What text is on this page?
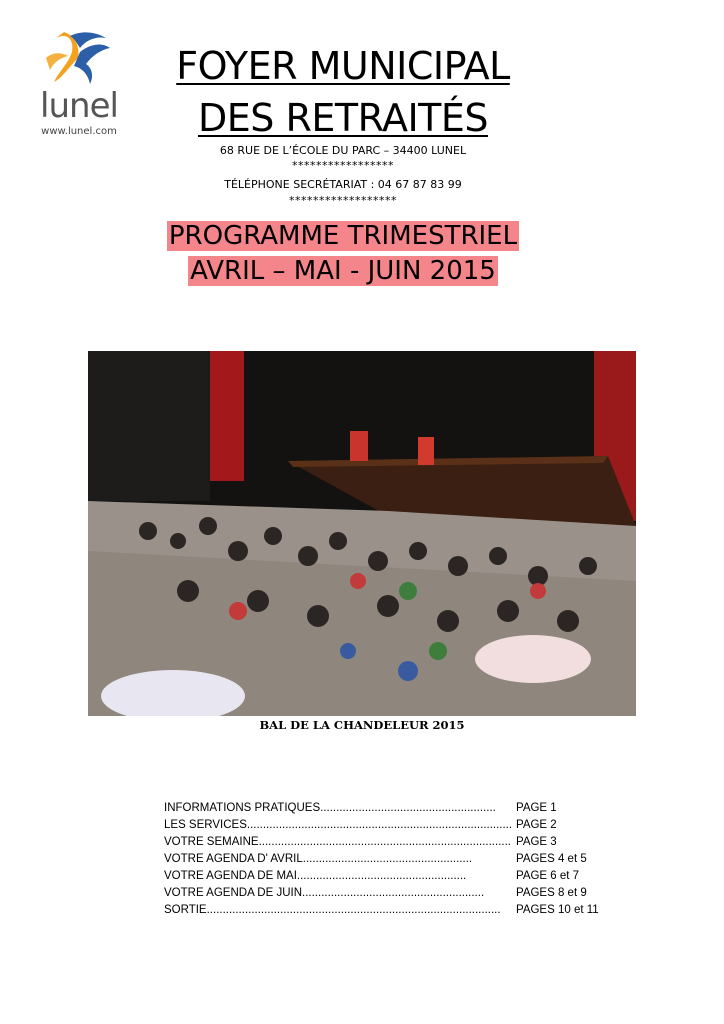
lunel
www.lunel.com
FOYER MUNICIPAL
DES RETRAITÉS
68 RUE DE L’ÉCOLE DU PARC – 34400 LUNEL
*****************
TÉLÉPHONE SECRÉTARIAT : 04 67 87 83 99
******************
PROGRAMME TRIMESTRIEL
AVRIL – MAI - JUIN 2015
BAL DE LA CHANDELEUR 2015
INFORMATIONS PRATIQUES....................................................... PAGE 1
LES SERVICES................................................................................... PAGE 2
VOTRE SEMAINE............................................................................... PAGE 3
VOTRE AGENDA D' AVRIL.....................................................	PAGES 4 et 5
VOTRE AGENDA DE MAI.....................................................	PAGE 6 et 7
VOTRE AGENDA DE JUIN.........................................................	PAGES 8 et 9
SORTIE............................................................................................ PAGES 10 et 11
